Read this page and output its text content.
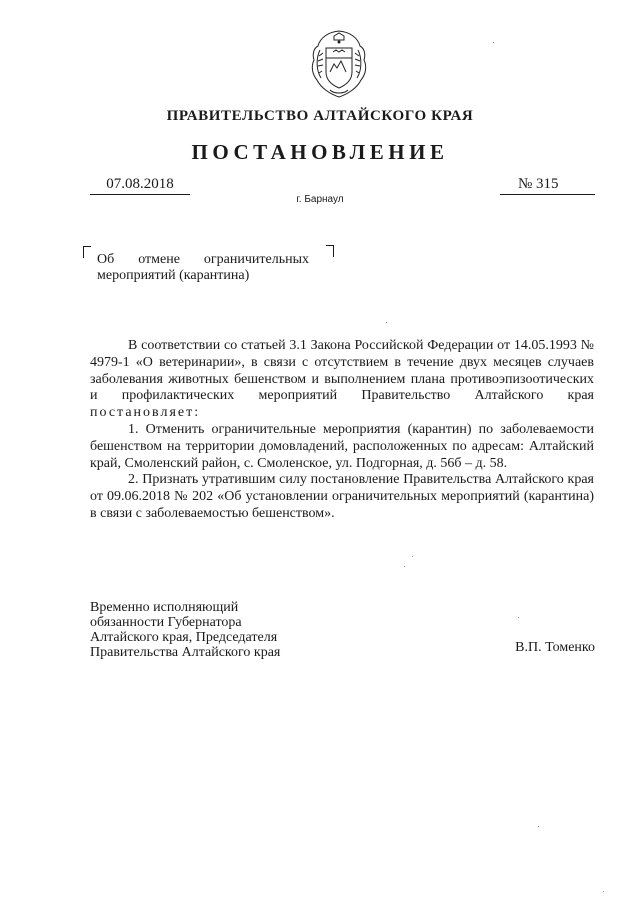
ПРАВИТЕЛЬСТВО АЛТАЙСКОГО КРАЯ
ПОСТАНОВЛЕНИЕ
07.08.2018	№ 315
г. Барнаул
Об отмене ограничительных
мероприятий (карантина)

В соответствии со статьей 3.1 Закона Российской Федерации от 14.05.1993 № 4979-1 «О ветеринарии», в связи с отсутствием в течение двух месяцев случаев заболевания животных бешенством и выполнением плана противоэпизоотических и профилактических мероприятий Правительство Алтайского края постановляет:

1. Отменить ограничительные мероприятия (карантин) по заболеваемости бешенством на территории домовладений, расположенных по адресам: Алтайский край, Смоленский район, с. Смоленское, ул. Подгорная, д. 56б – д. 58.

2. Признать утратившим силу постановление Правительства Алтайского края от 09.06.2018 № 202 «Об установлении ограничительных мероприятий (карантина) в связи с заболеваемостью бешенством».

Временно исполняющий
обязанности Губернатора
Алтайского края, Председателя
Правительства Алтайского края	В.П. Томенко
